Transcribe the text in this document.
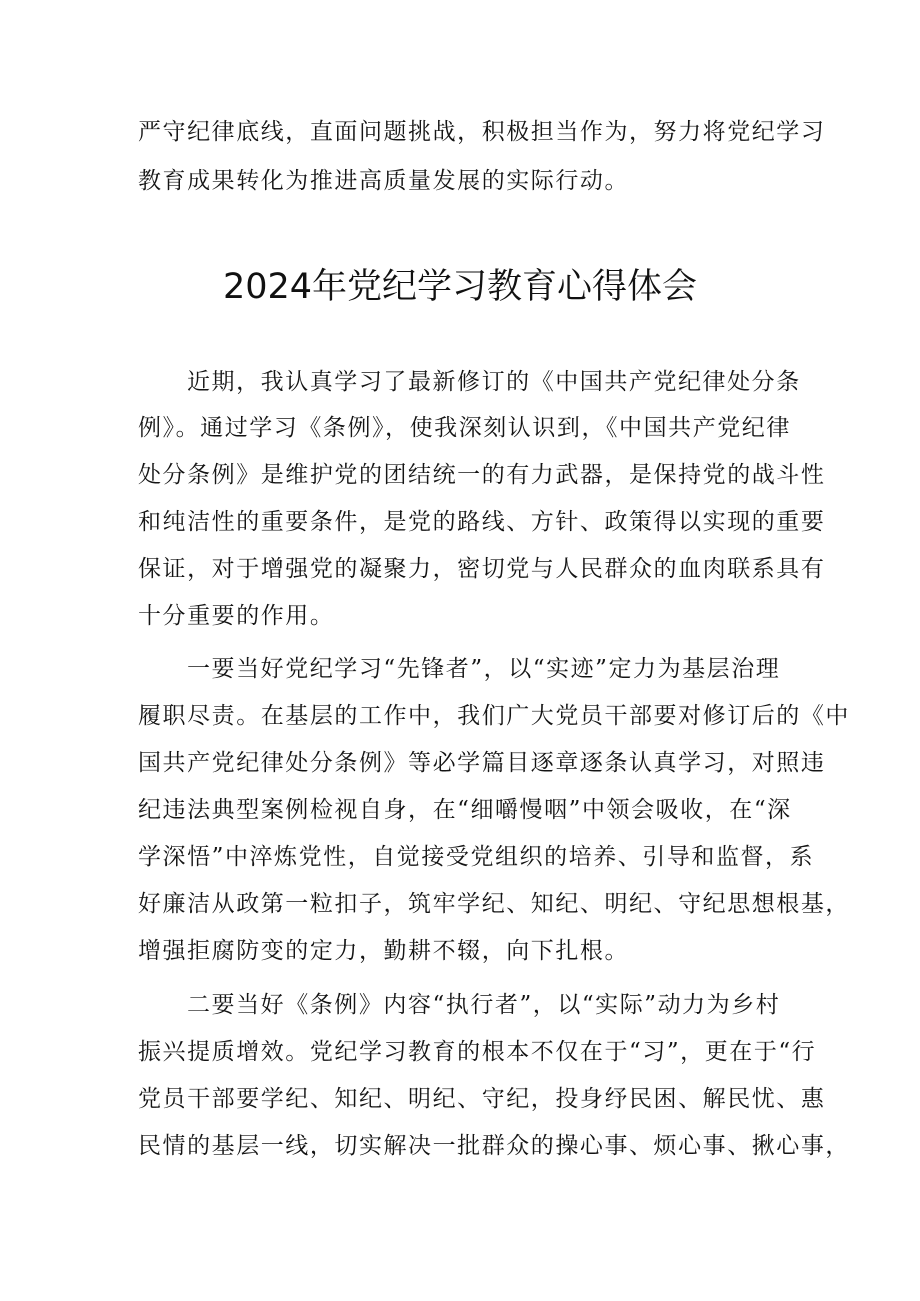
严守纪律底线，直面问题挑战，积极担当作为，努力将党纪学习
教育成果转化为推进高质量发展的实际行动。
2024年党纪学习教育心得体会
近期，我认真学习了最新修订的《中国共产党纪律处分条
例》。通过学习《条例》，使我深刻认识到，《中国共产党纪律
处分条例》是维护党的团结统一的有力武器，是保持党的战斗性
和纯洁性的重要条件，是党的路线、方针、政策得以实现的重要
保证，对于增强党的凝聚力，密切党与人民群众的血肉联系具有
十分重要的作用。
一要当好党纪学习“先锋者”，以“实迹”定力为基层治理
履职尽责。在基层的工作中，我们广大党员干部要对修订后的《中
国共产党纪律处分条例》等必学篇目逐章逐条认真学习，对照违
纪违法典型案例检视自身，在“细嚼慢咽”中领会吸收，在“深
学深悟”中淬炼党性，自觉接受党组织的培养、引导和监督，系
好廉洁从政第一粒扣子，筑牢学纪、知纪、明纪、守纪思想根基，
增强拒腐防变的定力，勤耕不辍，向下扎根。
二要当好《条例》内容“执行者”，以“实际”动力为乡村
振兴提质增效。党纪学习教育的根本不仅在于“习”，更在于“行
党员干部要学纪、知纪、明纪、守纪，投身纾民困、解民忧、惠
民情的基层一线，切实解决一批群众的操心事、烦心事、揪心事，
